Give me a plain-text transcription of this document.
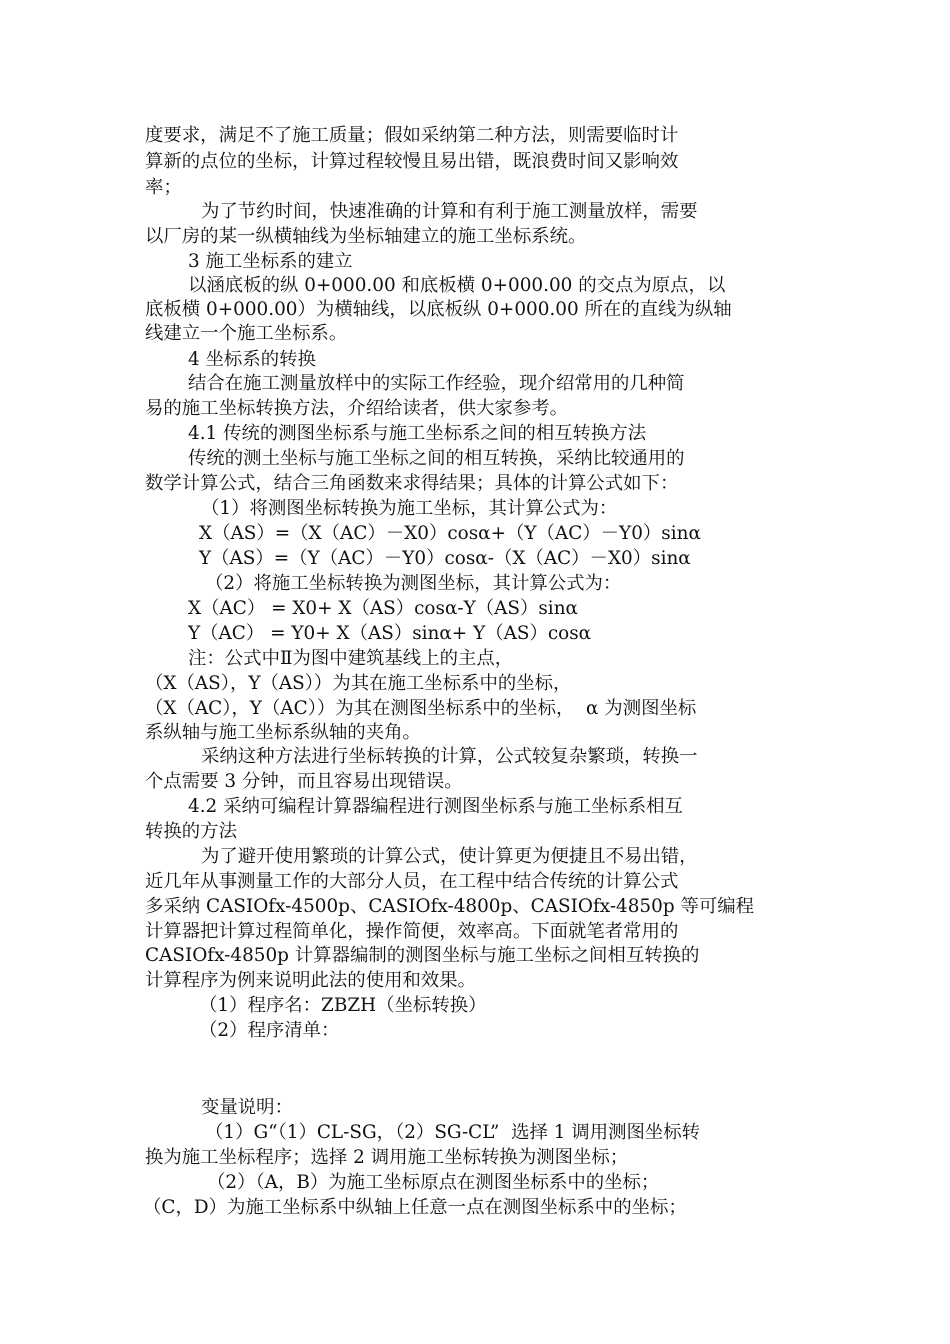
度要求，满足不了施工质量；假如采纳第二种方法，则需要临时计
算新的点位的坐标，计算过程较慢且易出错，既浪费时间又影响效
率；
为了节约时间，快速准确的计算和有利于施工测量放样，需要
以厂房的某一纵横轴线为坐标轴建立的施工坐标系统。
3 施工坐标系的建立
以涵底板的纵 0+000.00 和底板横 0+000.00 的交点为原点，以
底板横 0+000.00）为横轴线，以底板纵 0+000.00 所在的直线为纵轴
线建立一个施工坐标系。
4 坐标系的转换
结合在施工测量放样中的实际工作经验，现介绍常用的几种简
易的施工坐标转换方法，介绍给读者，供大家参考。
4.1 传统的测图坐标系与施工坐标系之间的相互转换方法
传统的测土坐标与施工坐标之间的相互转换，采纳比较通用的
数学计算公式，结合三角函数来求得结果；具体的计算公式如下：
（1）将测图坐标转换为施工坐标，其计算公式为：
X（AS）=（X（AC）－X0）cosα+（Y（AC）－Y0）sinα
Y（AS）=（Y（AC）－Y0）cosα-（X（AC）－X0）sinα
（2）将施工坐标转换为测图坐标，其计算公式为：
X（AC） = X0+ X（AS）cosα-Y（AS）sinα
Y（AC） = Y0+ X（AS）sinα+ Y（AS）cosα
注：公式中Ⅱ为图中建筑基线上的主点，
（X（AS），Y（AS））为其在施工坐标系中的坐标，
（X（AC），Y（AC））为其在测图坐标系中的坐标，  α 为测图坐标
系纵轴与施工坐标系纵轴的夹角。
采纳这种方法进行坐标转换的计算，公式较复杂繁琐，转换一
个点需要 3 分钟，而且容易出现错误。
4.2 采纳可编程计算器编程进行测图坐标系与施工坐标系相互
转换的方法
为了避开使用繁琐的计算公式，使计算更为便捷且不易出错，
近几年从事测量工作的大部分人员，在工程中结合传统的计算公式
多采纳 CASIOfx-4500p、CASIOfx-4800p、CASIOfx-4850p 等可编程
计算器把计算过程简单化，操作简便，效率高。下面就笔者常用的
CASIOfx-4850p 计算器编制的测图坐标与施工坐标之间相互转换的
计算程序为例来说明此法的使用和效果。
（1）程序名：ZBZH（坐标转换）
（2）程序清单：
变量说明：
（1）G“（1）CL-SG，（2）SG-CL”  选择 1 调用测图坐标转
换为施工坐标程序；选择 2 调用施工坐标转换为测图坐标；
（2）（A，B）为施工坐标原点在测图坐标系中的坐标；
（C，D）为施工坐标系中纵轴上任意一点在测图坐标系中的坐标；
